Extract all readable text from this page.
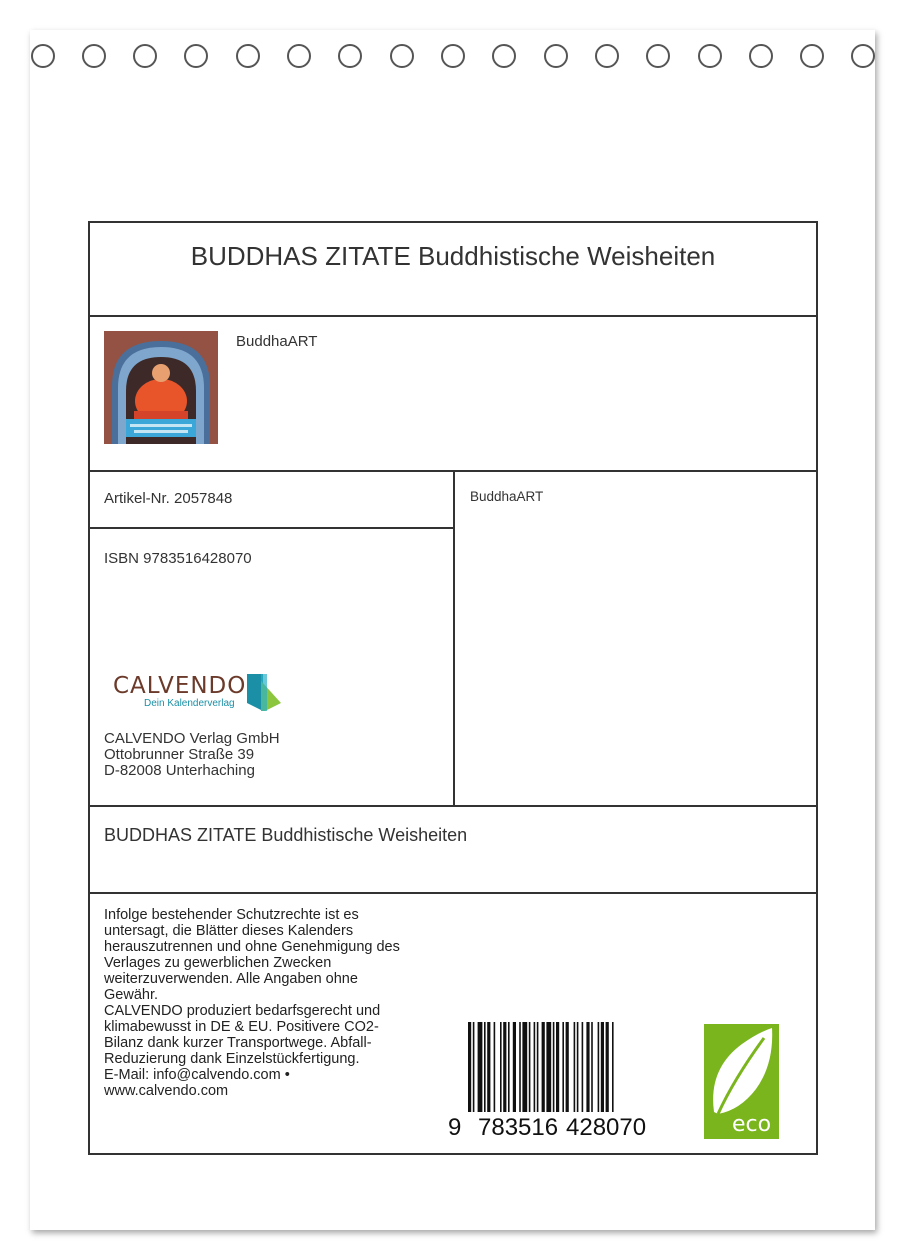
BUDDHAS ZITATE Buddhistische Weisheiten
BuddhaART
Artikel-Nr. 2057848	BuddhaART
ISBN 9783516428070
CALVENDO Verlag GmbH
Ottobrunner Straße 39
D-82008 Unterhaching
CALVENDO
Dein Kalenderverlag
BUDDHAS ZITATE Buddhistische Weisheiten
Infolge bestehender Schutzrechte ist es
untersagt, die Blätter dieses Kalenders
herauszutrennen und ohne Genehmigung des
Verlages zu gewerblichen Zwecken
weiterzuverwenden. Alle Angaben ohne
Gewähr.
CALVENDO produziert bedarfsgerecht und
klimabewusst in DE & EU. Positivere CO2-
Bilanz dank kurzer Transportwege. Abfall-
Reduzierung dank Einzelstückfertigung.
E-Mail: info@calvendo.com •
www.calvendo.com
9 783516 428070	eco
